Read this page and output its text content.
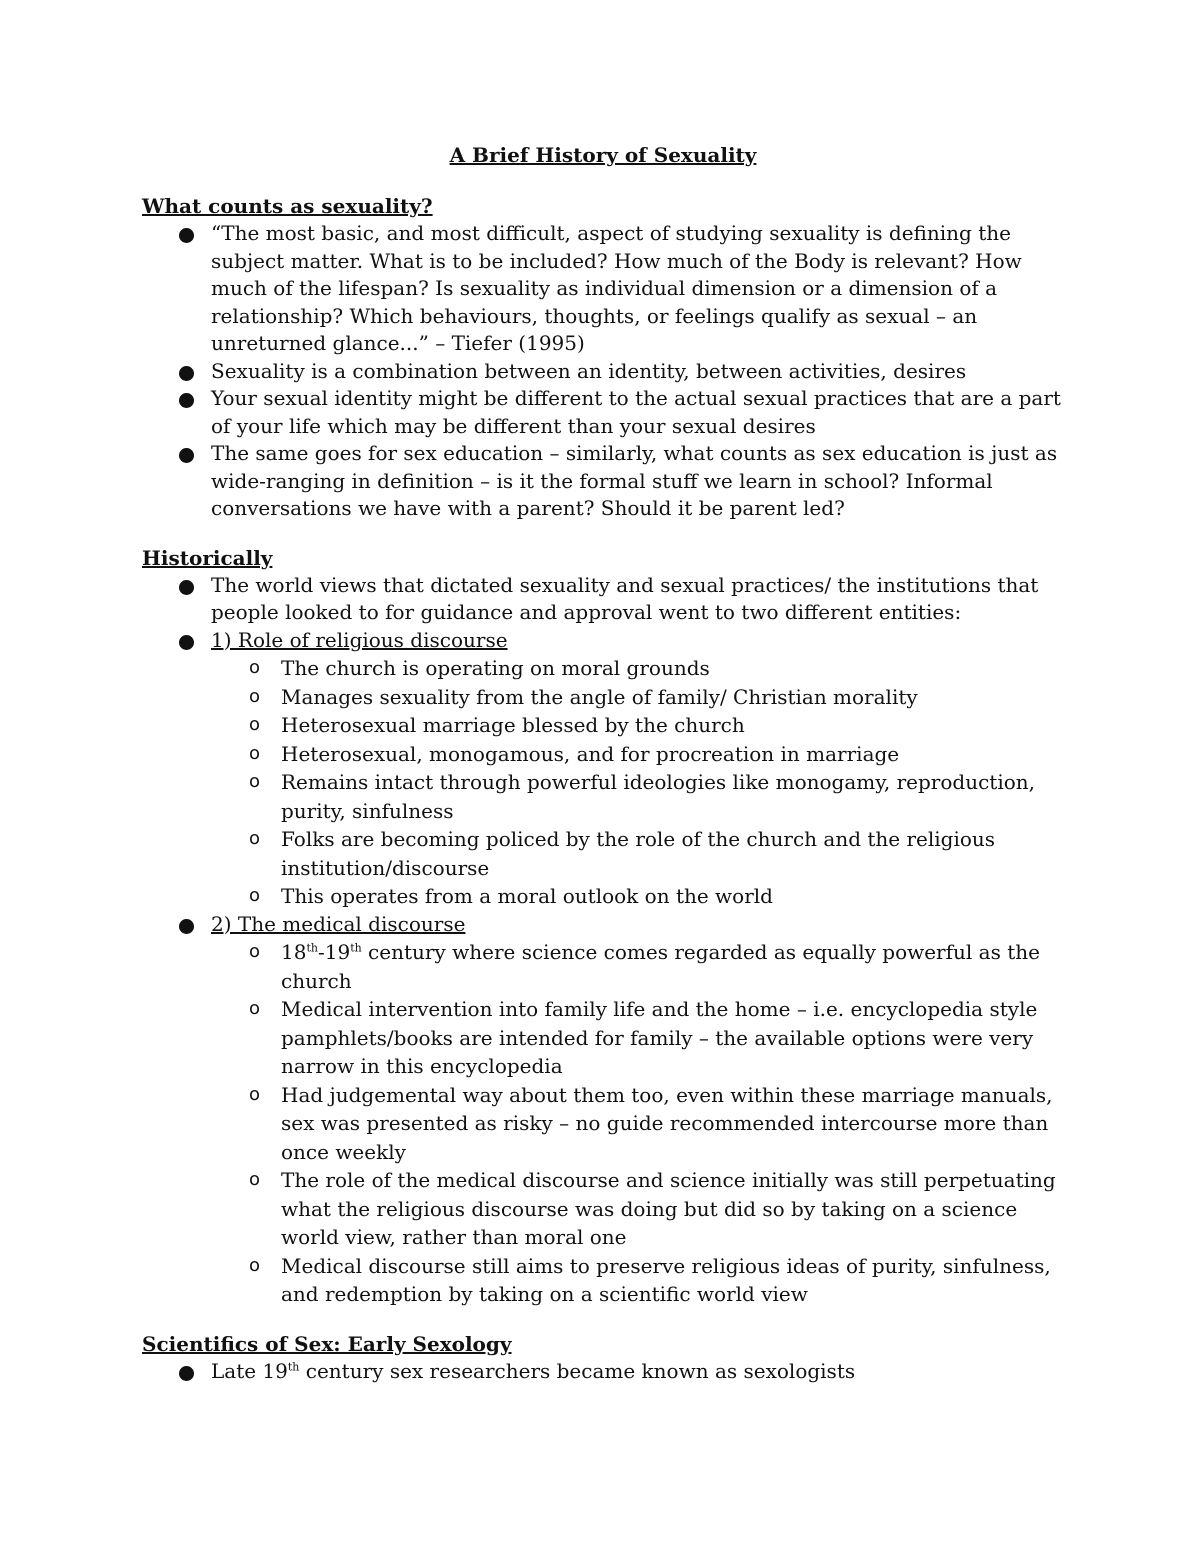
A Brief History of Sexuality

What counts as sexuality?

“The most basic, and most difficult, aspect of studying sexuality is defining the subject matter. What is to be included? How much of the Body is relevant? How much of the lifespan? Is sexuality as individual dimension or a dimension of a relationship? Which behaviours, thoughts, or feelings qualify as sexual – an unreturned glance...” – Tiefer (1995)
Sexuality is a combination between an identity, between activities, desires
Your sexual identity might be different to the actual sexual practices that are a part of your life which may be different than your sexual desires
The same goes for sex education – similarly, what counts as sex education is just as wide-ranging in definition – is it the formal stuff we learn in school? Informal conversations we have with a parent? Should it be parent led?

Historically

The world views that dictated sexuality and sexual practices/ the institutions that people looked to for guidance and approval went to two different entities:
1) Role of religious discourse
o The church is operating on moral grounds
o Manages sexuality from the angle of family/ Christian morality
o Heterosexual marriage blessed by the church
o Heterosexual, monogamous, and for procreation in marriage
o Remains intact through powerful ideologies like monogamy, reproduction, purity, sinfulness
o Folks are becoming policed by the role of the church and the religious institution/discourse
o This operates from a moral outlook on the world
2) The medical discourse
o 18th-19th century where science comes regarded as equally powerful as the church
o Medical intervention into family life and the home – i.e. encyclopedia style pamphlets/books are intended for family – the available options were very narrow in this encyclopedia
o Had judgemental way about them too, even within these marriage manuals, sex was presented as risky – no guide recommended intercourse more than once weekly
o The role of the medical discourse and science initially was still perpetuating what the religious discourse was doing but did so by taking on a science world view, rather than moral one
o Medical discourse still aims to preserve religious ideas of purity, sinfulness, and redemption by taking on a scientific world view

Scientifics of Sex: Early Sexology

Late 19th century sex researchers became known as sexologists
